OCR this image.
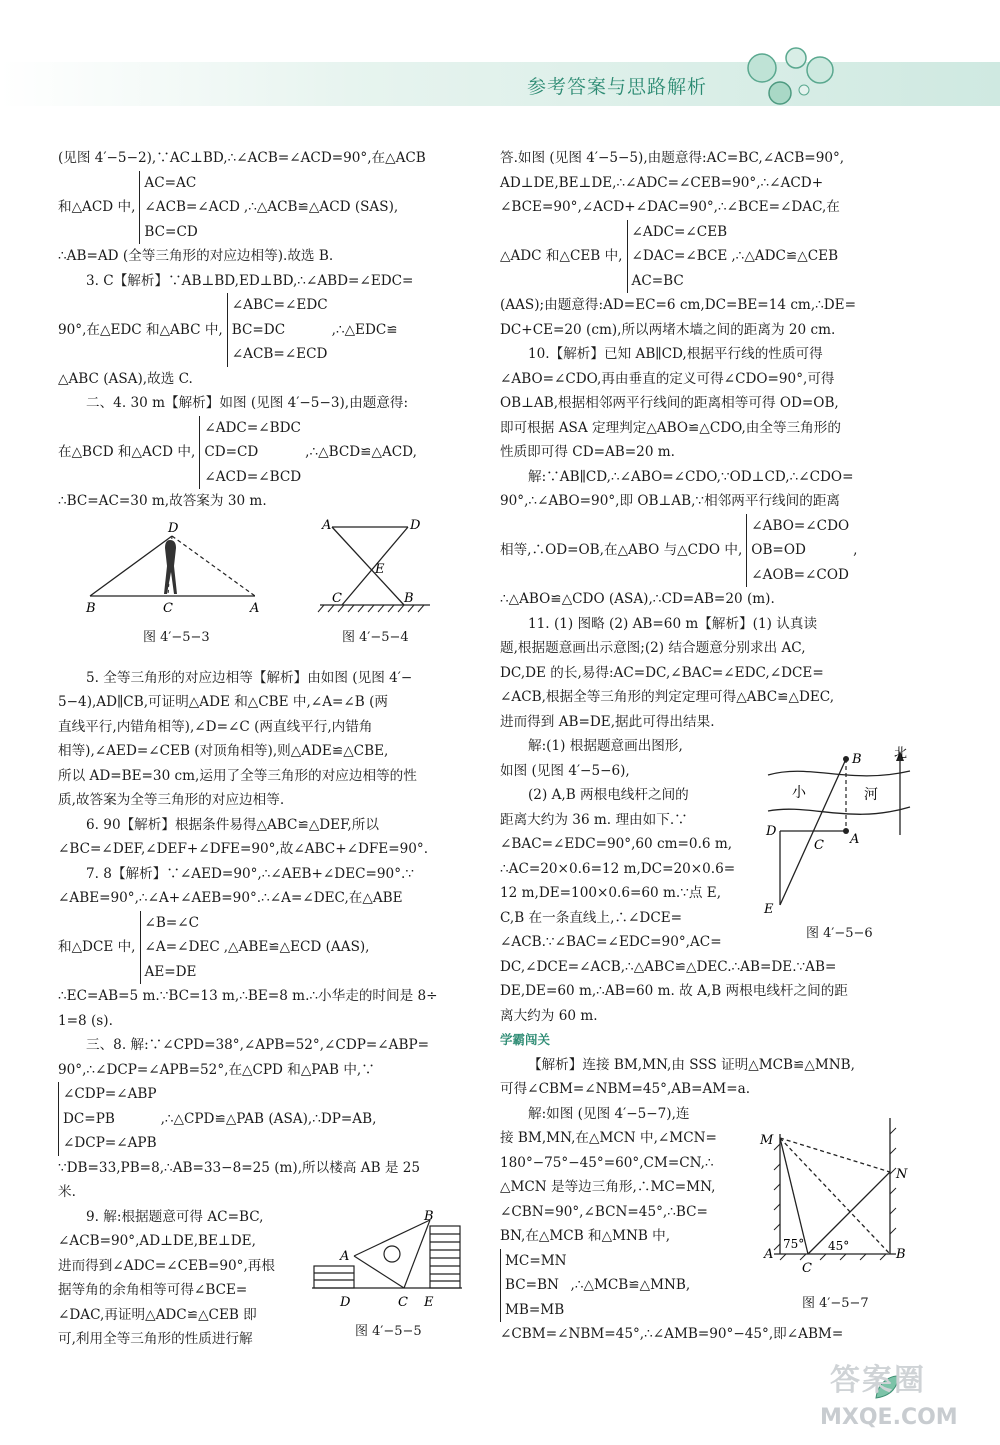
参考答案与思路解析
(见图 4′−5−2),∵AC⊥BD,∴∠ACB=∠ACD=90°,在△ACB
和△ACD 中,
AC=AC
∠ACB=∠ACD
BC=CD
,∴△ACB≌△ACD (SAS),
∴AB=AD (全等三角形的对应边相等).故选 B.
3. C【解析】∵AB⊥BD,ED⊥BD,∴∠ABD=∠EDC=
90°,在△EDC 和△ABC 中,
∠ABC=∠EDC
BC=DC
∠ACB=∠ECD
,∴△EDC≌
△ABC (ASA),故选 C.
二、4. 30 m【解析】如图 (见图 4′−5−3),由题意得:
在△BCD 和△ACD 中,
∠ADC=∠BDC
CD=CD
∠ACD=∠BCD
,∴△BCD≌△ACD,
∴BC=AC=30 m,故答案为 30 m.
5. 全等三角形的对应边相等【解析】由如图 (见图 4′−
5−4),AD∥CB,可证明△ADE 和△CBE 中,∠A=∠B (两
直线平行,内错角相等),∠D=∠C (两直线平行,内错角
相等),∠AED=∠CEB (对顶角相等),则△ADE≌△CBE,
所以 AD=BE=30 cm,运用了全等三角形的对应边相等的性
质,故答案为全等三角形的对应边相等.
6. 90【解析】根据条件易得△ABC≌△DEF,所以
∠BC=∠DEF,∠DEF+∠DFE=90°,故∠ABC+∠DFE=90°.
7. 8【解析】∵∠AED=90°,∴∠AEB+∠DEC=90°.∵
∠ABE=90°,∴∠A+∠AEB=90°.∴∠A=∠DEC,在△ABE
和△DCE 中,
∠B=∠C
∠A=∠DEC
AE=DE
,△ABE≌△ECD (AAS),
∴EC=AB=5 m.∵BC=13 m,∴BE=8 m.∴小华走的时间是 8÷
1=8 (s).
三、8. 解:∵∠CPD=38°,∠APB=52°,∠CDP=∠ABP=
90°,∴∠DCP=∠APB=52°,在△CPD 和△PAB 中,∵
∠CDP=∠ABP
DC=PB
∠DCP=∠APB
,∴△CPD≌△PAB (ASA),∴DP=AB,
∵DB=33,PB=8,∴AB=33−8=25 (m),所以楼高 AB 是 25
米.
9. 解:根据题意可得 AC=BC,
∠ACB=90°,AD⊥DE,BE⊥DE,
进而得到∠ADC=∠CEB=90°,再根
据等角的余角相等可得∠BCE=
∠DAC,再证明△ADC≌△CEB 即
可,利用全等三角形的性质进行解
B	C	A
D
图 4′−5−3
A	D
E
C	B
图 4′−5−4
A
B
D	C E
图 4′−5−5
答.如图 (见图 4′−5−5),由题意得:AC=BC,∠ACB=90°,
AD⊥DE,BE⊥DE,∴∠ADC=∠CEB=90°,∴∠ACD+
∠BCE=90°,∠ACD+∠DAC=90°,∴∠BCE=∠DAC,在
△ADC 和△CEB 中,
∠ADC=∠CEB
∠DAC=∠BCE
AC=BC
,∴△ADC≌△CEB
(AAS);由题意得:AD=EC=6 cm,DC=BE=14 cm,∴DE=
DC+CE=20 (cm),所以两堵木墙之间的距离为 20 cm.
10.【解析】已知 AB∥CD,根据平行线的性质可得
∠ABO=∠CDO,再由垂直的定义可得∠CDO=90°,可得
OB⊥AB,根据相邻两平行线间的距离相等可得 OD=OB,
即可根据 ASA 定理判定△ABO≌△CDO,由全等三角形的
性质即可得 CD=AB=20 m.
解:∵AB∥CD,∴∠ABO=∠CDO,∵OD⊥CD,∴∠CDO=
90°,∴∠ABO=90°,即 OB⊥AB,∵相邻两平行线间的距离
相等,∴OD=OB,在△ABO 与△CDO 中,
∠ABO=∠CDO
OB=OD
∠AOB=∠COD
,
∴△ABO≌△CDO (ASA),∴CD=AB=20 (m).
11. (1) 图略 (2) AB=60 m【解析】(1) 认真读
题,根据题意画出示意图;(2) 结合题意分别求出 AC,
DC,DE 的长,易得:AC=DC,∠BAC=∠EDC,∠DCE=
∠ACB,根据全等三角形的判定定理可得△ABC≌△DEC,
进而得到 AB=DE,据此可得出结果.
解:(1) 根据题意画出图形,
如图 (见图 4′−5−6),
(2) A,B 两根电线杆之间的
距离大约为 36 m. 理由如下.∵
∠BAC=∠EDC=90°,60 cm=0.6 m,
∴AC=20×0.6=12 m,DC=20×0.6=
12 m,DE=100×0.6=60 m.∵点 E,
C,B 在一条直线上,∴∠DCE=
∠ACB.∵∠BAC=∠EDC=90°,AC=
DC,∠DCE=∠ACB,∴△ABC≌△DEC.∴AB=DE.∵AB=
DE,DE=60 m,∴AB=60 m. 故 A,B 两根电线杆之间的距
离大约为 60 m.
学霸闯关
【解析】连接 BM,MN,由 SSS 证明△MCB≌△MNB,
可得∠CBM=∠NBM=45°,AB=AM=a.
解:如图 (见图 4′−5−7),连
接 BM,MN,在△MCN 中,∠MCN=
180°−75°−45°=60°,CM=CN,∴
△MCN 是等边三角形,∴MC=MN,
∠CBN=90°,∠BCN=45°,∴BC=
BN,在△MCB 和△MNB 中,
MC=MN
BC=BN
MB=MB
,∴△MCB≌△MNB,
∠CBM=∠NBM=45°,∴∠AMB=90°−45°,即∠ABM=
北
小	河
B
A
D
C
E
图 4′−5−6
M
N
A	B
C
75° 45°
图 4′−5−7
答案圈
MXQE.COM
